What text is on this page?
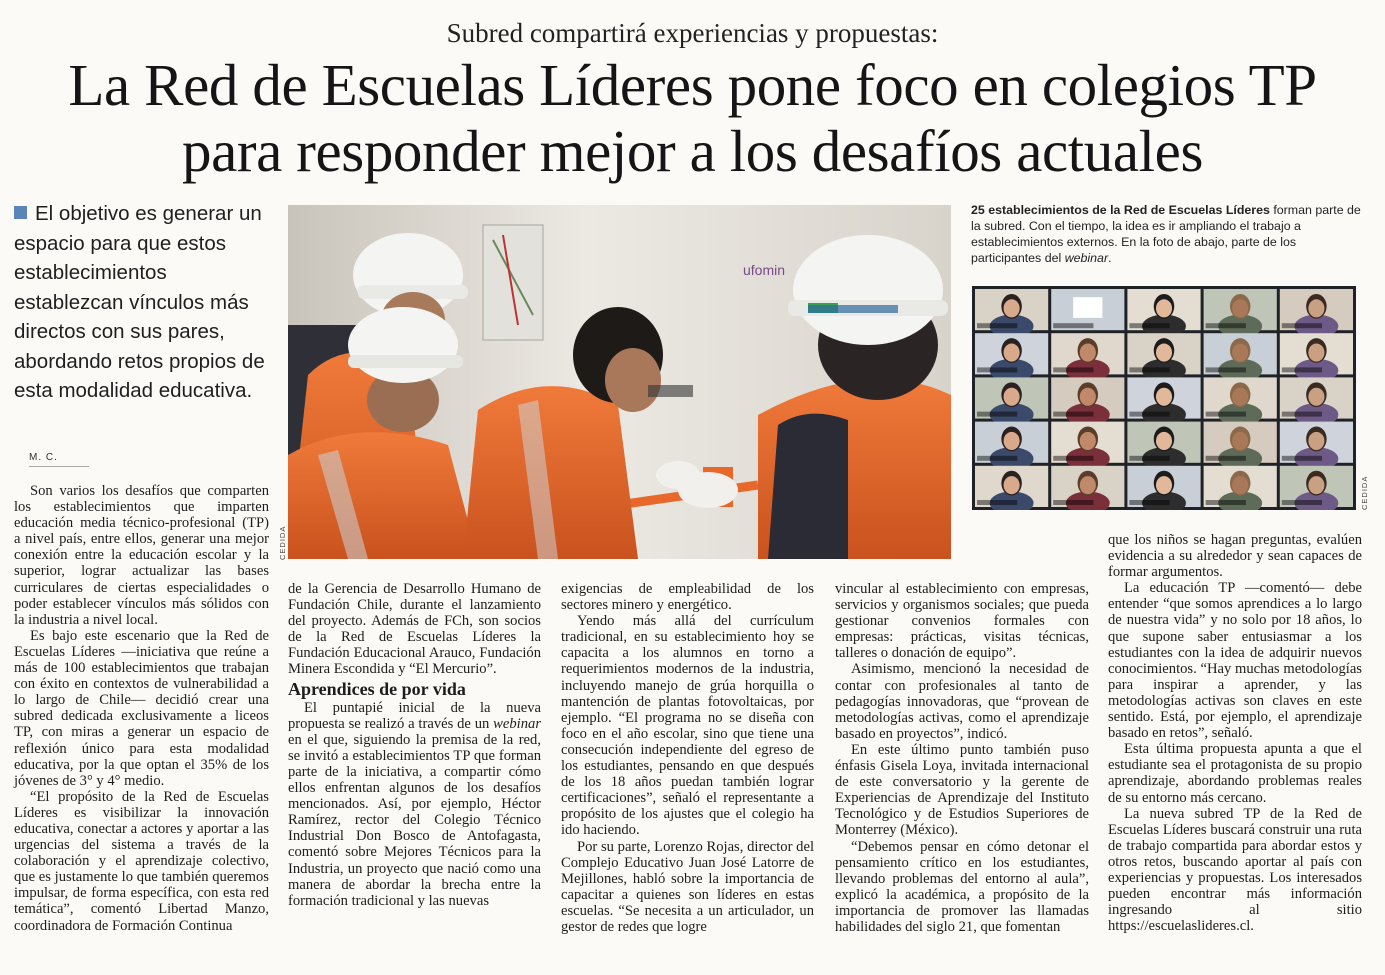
Subred compartirá experiencias y propuestas:
La Red de Escuelas Líderes pone foco en colegios TP
para responder mejor a los desafíos actuales

El objetivo es generar un espacio para que estos establecimientos establezcan vínculos más directos con sus pares, abordando retos propios de esta modalidad educativa.

M. C.

ufomin

CEDIDA

25 establecimientos de la Red de Escuelas Líderes forman parte de la subred. Con el tiempo, la idea es ir ampliando el trabajo a establecimientos externos. En la foto de abajo, parte de los participantes del webinar.

CEDIDA

Son varios los desafíos que comparten los establecimientos que imparten educación media técnico-profesional (TP) a nivel país, entre ellos, generar una mejor conexión entre la educación escolar y la superior, lograr actualizar las bases curriculares de ciertas especialidades o poder establecer vínculos más sólidos con la industria a nivel local.

Es bajo este escenario que la Red de Escuelas Líderes —iniciativa que reúne a más de 100 establecimientos que trabajan con éxito en contextos de vulnerabilidad a lo largo de Chile— decidió crear una subred dedicada exclusivamente a liceos TP, con miras a generar un espacio de reflexión único para esta modalidad educativa, por la que optan el 35% de los jóvenes de 3° y 4° medio.

“El propósito de la Red de Escuelas Líderes es visibilizar la innovación educativa, conectar a actores y aportar a las urgencias del sistema a través de la colaboración y el aprendizaje colectivo, que es justamente lo que también queremos impulsar, de forma específica, con esta red temática”, comentó Libertad Manzo, coordinadora de Formación Continua

de la Gerencia de Desarrollo Humano de Fundación Chile, durante el lanzamiento del proyecto. Además de FCh, son socios de la Red de Escuelas Líderes la Fundación Educacional Arauco, Fundación Minera Escondida y “El Mercurio”.

Aprendices de por vida

El puntapié inicial de la nueva propuesta se realizó a través de un webinar en el que, siguiendo la premisa de la red, se invitó a establecimientos TP que forman parte de la iniciativa, a compartir cómo ellos enfrentan algunos de los desafíos mencionados. Así, por ejemplo, Héctor Ramírez, rector del Colegio Técnico Industrial Don Bosco de Antofagasta, comentó sobre Mejores Técnicos para la Industria, un proyecto que nació como una manera de abordar la brecha entre la formación tradicional y las nuevas

exigencias de empleabilidad de los sectores minero y energético.

Yendo más allá del currículum tradicional, en su establecimiento hoy se capacita a los alumnos en torno a requerimientos modernos de la industria, incluyendo manejo de grúa horquilla o mantención de plantas fotovoltaicas, por ejemplo. “El programa no se diseña con foco en el año escolar, sino que tiene una consecución independiente del egreso de los estudiantes, pensando en que después de los 18 años puedan también lograr certificaciones”, señaló el representante a propósito de los ajustes que el colegio ha ido haciendo.

Por su parte, Lorenzo Rojas, director del Complejo Educativo Juan José Latorre de Mejillones, habló sobre la importancia de capacitar a quienes son líderes en estas escuelas. “Se necesita a un articulador, un gestor de redes que logre

vincular al establecimiento con empresas, servicios y organismos sociales; que pueda gestionar convenios formales con empresas: prácticas, visitas técnicas, talleres o donación de equipo”.

Asimismo, mencionó la necesidad de contar con profesionales al tanto de pedagogías innovadoras, que “provean de metodologías activas, como el aprendizaje basado en proyectos”, indicó.

En este último punto también puso énfasis Gisela Loya, invitada internacional de este conversatorio y la gerente de Experiencias de Aprendizaje del Instituto Tecnológico y de Estudios Superiores de Monterrey (México).

“Debemos pensar en cómo detonar el pensamiento crítico en los estudiantes, llevando problemas del entorno al aula”, explicó la académica, a propósito de la importancia de promover las llamadas habilidades del siglo 21, que fomentan

que los niños se hagan preguntas, evalúen evidencia a su alrededor y sean capaces de formar argumentos.

La educación TP —comentó— debe entender “que somos aprendices a lo largo de nuestra vida” y no solo por 18 años, lo que supone saber entusiasmar a los estudiantes con la idea de adquirir nuevos conocimientos. “Hay muchas metodologías para inspirar a aprender, y las metodologías activas son claves en este sentido. Está, por ejemplo, el aprendizaje basado en retos”, señaló.

Esta última propuesta apunta a que el estudiante sea el protagonista de su propio aprendizaje, abordando problemas reales de su entorno más cercano.

La nueva subred TP de la Red de Escuelas Líderes buscará construir una ruta de trabajo compartida para abordar estos y otros retos, buscando aportar al país con experiencias y propuestas. Los interesados pueden encontrar más información ingresando al sitio https://escuelaslideres.cl.
